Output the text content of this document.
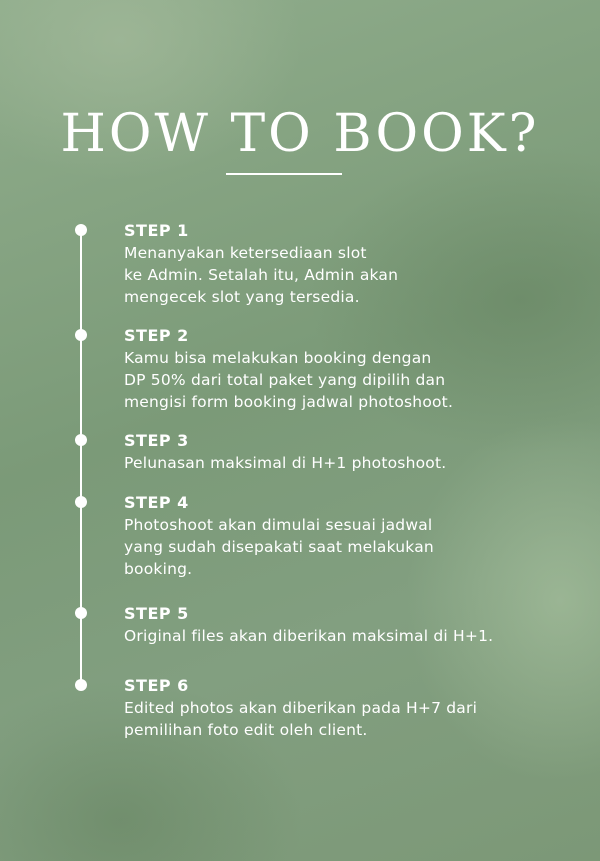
HOW TO BOOK?

STEP 1

Menanyakan ketersediaan slot

ke Admin. Setalah itu, Admin akan

mengecek slot yang tersedia.

STEP 2

Kamu bisa melakukan booking dengan

DP 50% dari total paket yang dipilih dan

mengisi form booking jadwal photoshoot.

STEP 3

Pelunasan maksimal di H+1 photoshoot.

STEP 4

Photoshoot akan dimulai sesuai jadwal

yang sudah disepakati saat melakukan

booking.

STEP 5

Original files akan diberikan maksimal di H+1.

STEP 6

Edited photos akan diberikan pada H+7 dari

pemilihan foto edit oleh client.
